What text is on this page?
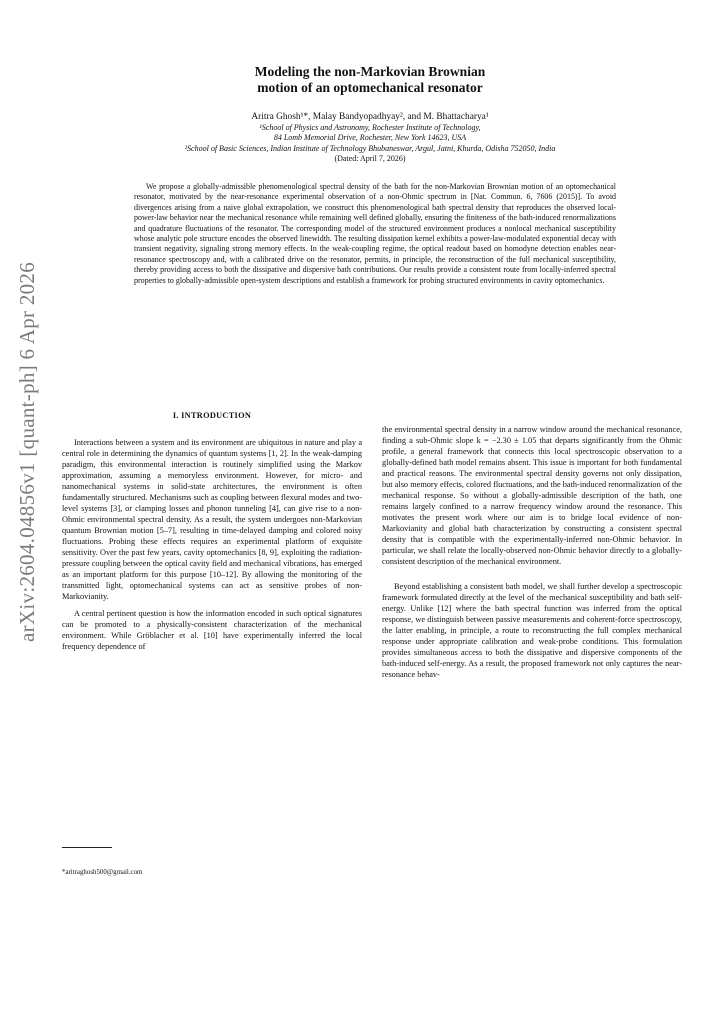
arXiv:2604.04856v1 [quant-ph] 6 Apr 2026
Modeling the non-Markovian Brownian
motion of an optomechanical resonator
Aritra Ghosh¹*, Malay Bandyopadhyay², and M. Bhattacharya¹
¹School of Physics and Astronomy, Rochester Institute of Technology,
84 Lomb Memorial Drive, Rochester, New York 14623, USA
²School of Basic Sciences, Indian Institute of Technology Bhubaneswar, Argul, Jatni, Khurda, Odisha 752050, India
(Dated: April 7, 2026)

We propose a globally-admissible phenomenological spectral density of the bath for the non-Markovian Brownian motion of an optomechanical resonator, motivated by the near-resonance experimental observation of a non-Ohmic spectrum in [Nat. Commun. 6, 7606 (2015)]. To avoid divergences arising from a naive global extrapolation, we construct this phenomenological bath spectral density that reproduces the observed local-power-law behavior near the mechanical resonance while remaining well defined globally, ensuring the finiteness of the bath-induced renormalizations and quadrature fluctuations of the resonator. The corresponding model of the structured environment produces a nonlocal mechanical susceptibility whose analytic pole structure encodes the observed linewidth. The resulting dissipation kernel exhibits a power-law-modulated exponential decay with transient negativity, signaling strong memory effects. In the weak-coupling regime, the optical readout based on homodyne detection enables near-resonance spectroscopy and, with a calibrated drive on the resonator, permits, in principle, the reconstruction of the full mechanical susceptibility, thereby providing access to both the dissipative and dispersive bath contributions. Our results provide a consistent route from locally-inferred spectral properties to globally-admissible open-system descriptions and establish a framework for probing structured environments in cavity optomechanics.

I. INTRODUCTION

Interactions between a system and its environment are ubiquitous in nature and play a central role in determining the dynamics of quantum systems [1, 2]. In the weak-damping paradigm, this environmental interaction is routinely simplified using the Markov approximation, assuming a memoryless environment. However, for micro- and nanomechanical systems in solid-state architectures, the environment is often fundamentally structured. Mechanisms such as coupling between flexural modes and two-level systems [3], or clamping losses and phonon tunneling [4], can give rise to a non-Ohmic environmental spectral density. As a result, the system undergoes non-Markovian quantum Brownian motion [5–7], resulting in time-delayed damping and colored noisy fluctuations. Probing these effects requires an experimental platform of exquisite sensitivity. Over the past few years, cavity optomechanics [8, 9], exploiting the radiation-pressure coupling between the optical cavity field and mechanical vibrations, has emerged as an important platform for this purpose [10–12]. By allowing the monitoring of the transmitted light, optomechanical systems can act as sensitive probes of non-Markovianity.

A central pertinent question is how the information encoded in such optical signatures can be promoted to a physically-consistent characterization of the mechanical environment. While Gröblacher et al. [10] have experimentally inferred the local frequency dependence of

the environmental spectral density in a narrow window around the mechanical resonance, finding a sub-Ohmic slope k = −2.30 ± 1.05 that departs significantly from the Ohmic profile, a general framework that connects this local spectroscopic observation to a globally-defined bath model remains absent. This issue is important for both fundamental and practical reasons. The environmental spectral density governs not only dissipation, but also memory effects, colored fluctuations, and the bath-induced renormalization of the mechanical response. So without a globally-admissible description of the bath, one remains largely confined to a narrow frequency window around the resonance. This motivates the present work where our aim is to bridge local evidence of non-Markovianity and global bath characterization by constructing a consistent spectral density that is compatible with the experimentally-inferred non-Ohmic behavior. In particular, we shall relate the locally-observed non-Ohmic behavior directly to a globally-consistent description of the mechanical environment.

Beyond establishing a consistent bath model, we shall further develop a spectroscopic framework formulated directly at the level of the mechanical susceptibility and bath self-energy. Unlike [12] where the bath spectral function was inferred from the optical response, we distinguish between passive measurements and coherent-force spectroscopy, the latter enabling, in principle, a route to reconstructing the full complex mechanical response under appropriate calibration and weak-probe conditions. This formulation provides simultaneous access to both the dissipative and dispersive components of the bath-induced self-energy. As a result, the proposed framework not only captures the near-resonance behav-

*aritraghosh500@gmail.com
